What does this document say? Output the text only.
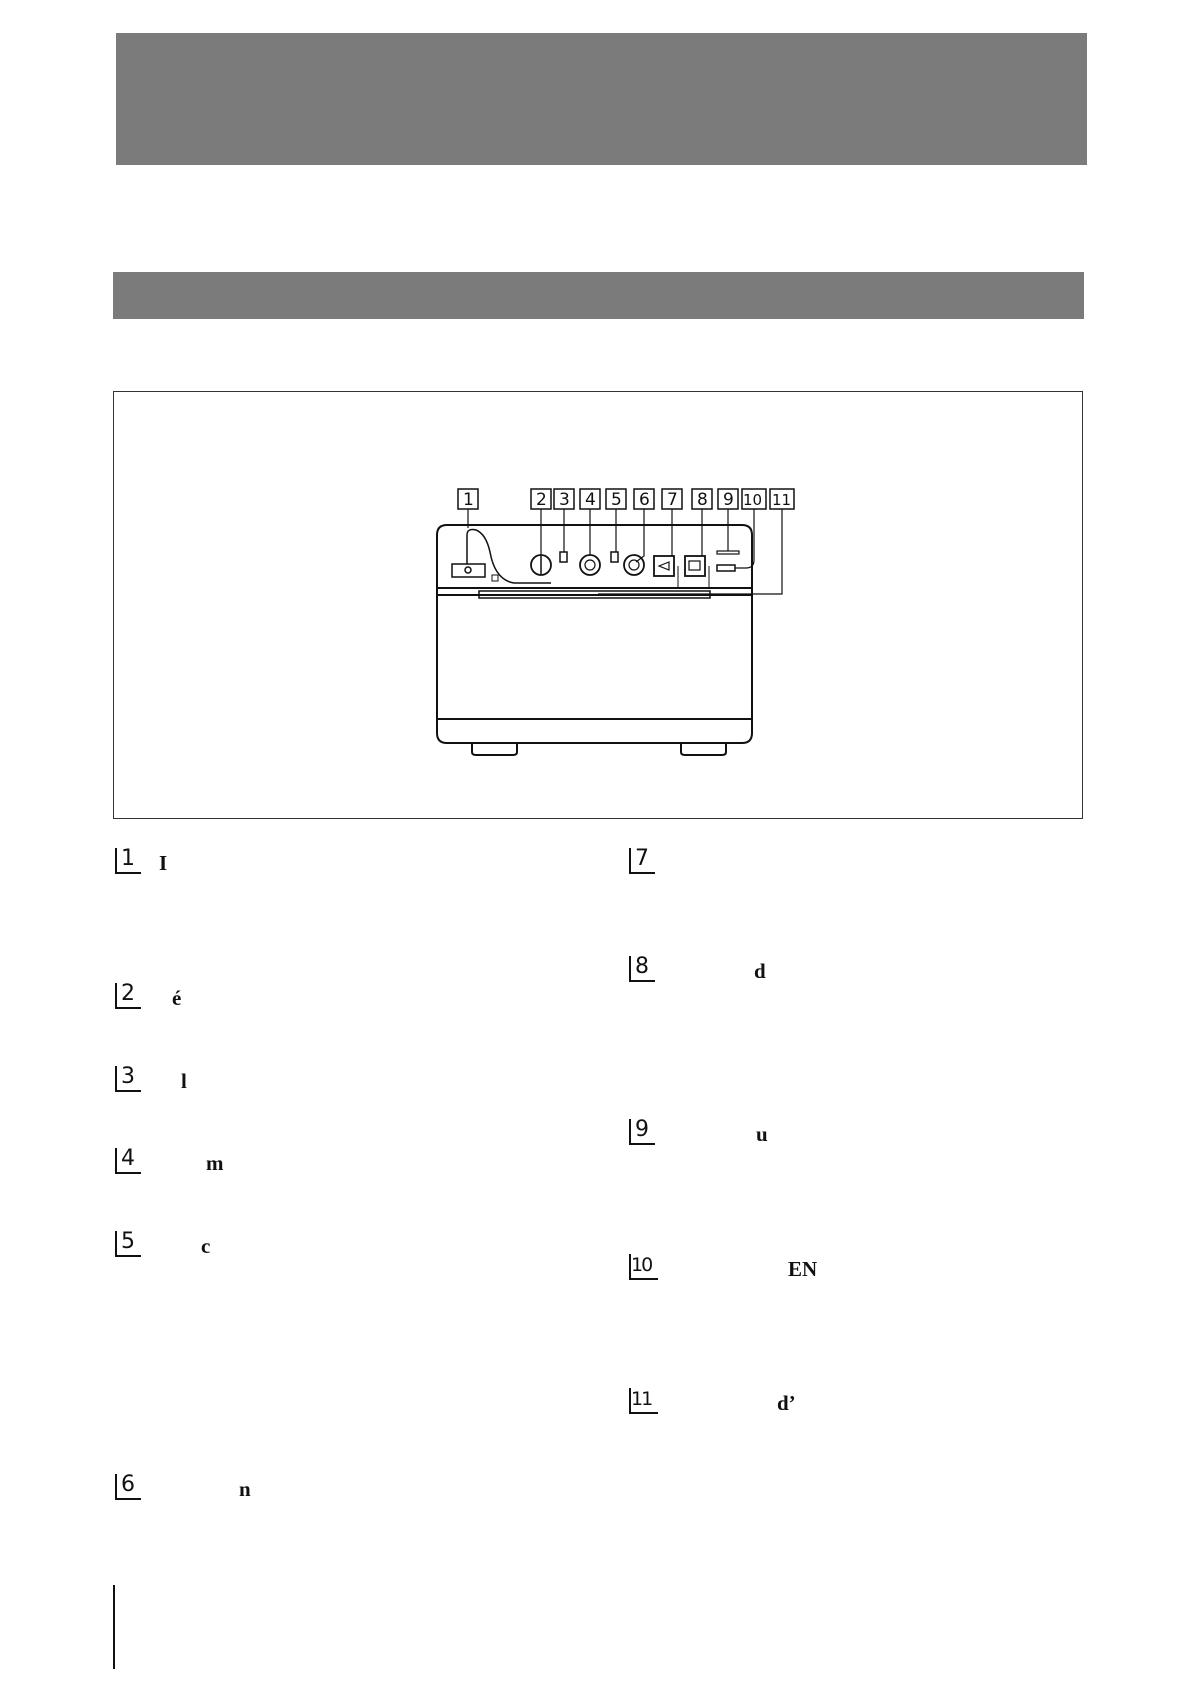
1	2 3 4 5 6 7 8 9 10 11
1 I
2 é
3 l
4	m
5	c
6	n
7
8	d
9	u
10	EN
11	d’
